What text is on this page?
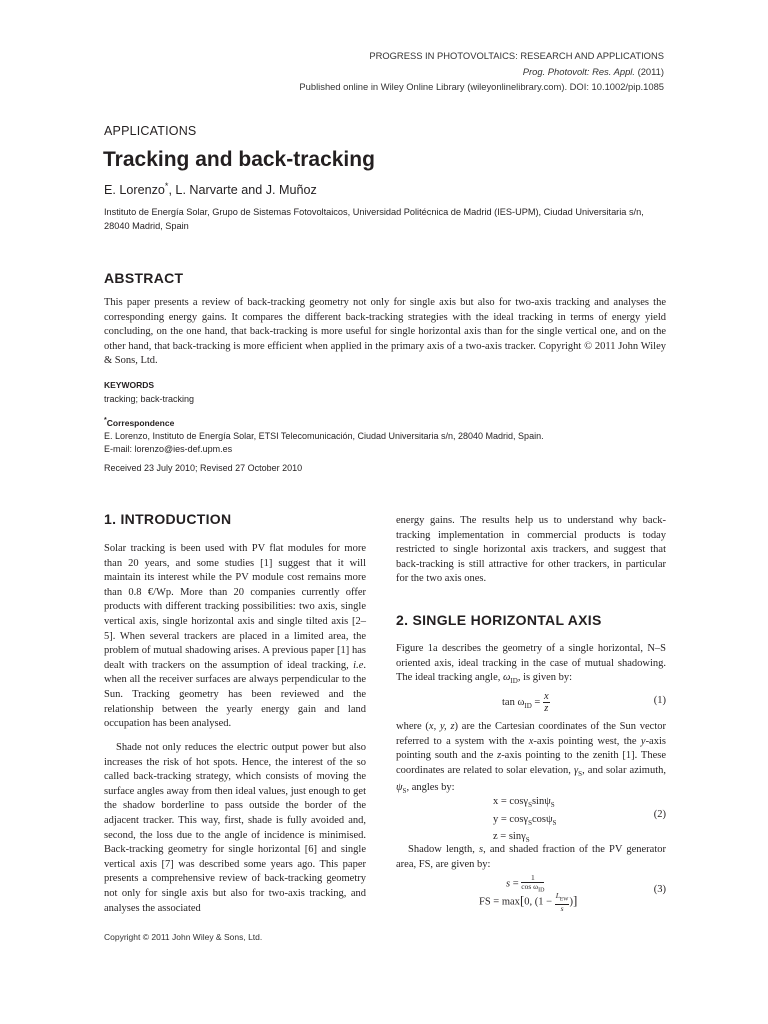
PROGRESS IN PHOTOVOLTAICS: RESEARCH AND APPLICATIONS
Prog. Photovolt: Res. Appl. (2011)
Published online in Wiley Online Library (wileyonlinelibrary.com). DOI: 10.1002/pip.1085
APPLICATIONS
Tracking and back-tracking
E. Lorenzo*, L. Narvarte and J. Muñoz
Instituto de Energía Solar, Grupo de Sistemas Fotovoltaicos, Universidad Politécnica de Madrid (IES-UPM), Ciudad Universitaria s/n, 28040 Madrid, Spain
ABSTRACT

This paper presents a review of back-tracking geometry not only for single axis but also for two-axis tracking and analyses the corresponding energy gains. It compares the different back-tracking strategies with the ideal tracking in terms of energy yield concluding, on the one hand, that back-tracking is more useful for single horizontal axis than for the single vertical one, and on the other hand, that back-tracking is more efficient when applied in the primary axis of a two-axis tracker. Copyright © 2011 John Wiley & Sons, Ltd.

KEYWORDS
tracking; back-tracking
*Correspondence
E. Lorenzo, Instituto de Energía Solar, ETSI Telecomunicación, Ciudad Universitaria s/n, 28040 Madrid, Spain.
E-mail: lorenzo@ies-def.upm.es
Received 23 July 2010; Revised 27 October 2010
1. INTRODUCTION

Solar tracking is been used with PV flat modules for more than 20 years, and some studies [1] suggest that it will maintain its interest while the PV module cost remains more than 0.8 €/Wp. More than 20 companies currently offer products with different tracking possibilities: two axis, single vertical axis, single horizontal axis and single tilted axis [2–5]. When several trackers are placed in a limited area, the problem of mutual shadowing arises. A previous paper [1] has dealt with trackers on the assumption of ideal tracking, i.e. when all the receiver surfaces are always perpendicular to the Sun. Tracking geometry has been reviewed and the relationship between the yearly energy gain and land occupation has been analysed.

Shade not only reduces the electric output power but also increases the risk of hot spots. Hence, the interest of the so called back-tracking strategy, which consists of moving the surface angles away from then ideal values, just enough to get the shadow borderline to pass outside the border of the adjacent tracker. This way, first, shade is fully avoided and, second, the loss due to the angle of incidence is minimised. Back-tracking geometry for single horizontal [6] and single vertical axis [7] was described some years ago. This paper presents a comprehensive review of back-tracking geometry not only for single axis but also for two-axis tracking, and analyses the associated

energy gains. The results help us to understand why back-tracking implementation in commercial products is today restricted to single horizontal axis trackers, and suggest that back-tracking is still attractive for other trackers, in particular for the two axis ones.

2. SINGLE HORIZONTAL AXIS

Figure 1a describes the geometry of a single horizontal, N–S oriented axis, ideal tracking in the case of mutual shadowing. The ideal tracking angle, $\omega_{ID}$, is given by:

$\tan \omega_{ID} = \frac{x}{z}$	(1)

where (x, y, z) are the Cartesian coordinates of the Sun vector referred to a system with the x-axis pointing west, the y-axis pointing south and the z-axis pointing to the zenith [1]. These coordinates are related to solar elevation, $\gamma_S$, and solar azimuth, $\psi_S$, angles by:

x = cosγ$_S$sinψ$_S$
y = cosγ$_S$cosψ$_S$
z = sinγ$_S$
(2)

Shadow length, s, and shaded fraction of the PV generator area, FS, are given by:

$s = \frac{1}{\cos \omega_{ID}}$
FS = max[0, ($1 - \frac{L_{EW}}{s}$ )]
(3)
Copyright © 2011 John Wiley & Sons, Ltd.
